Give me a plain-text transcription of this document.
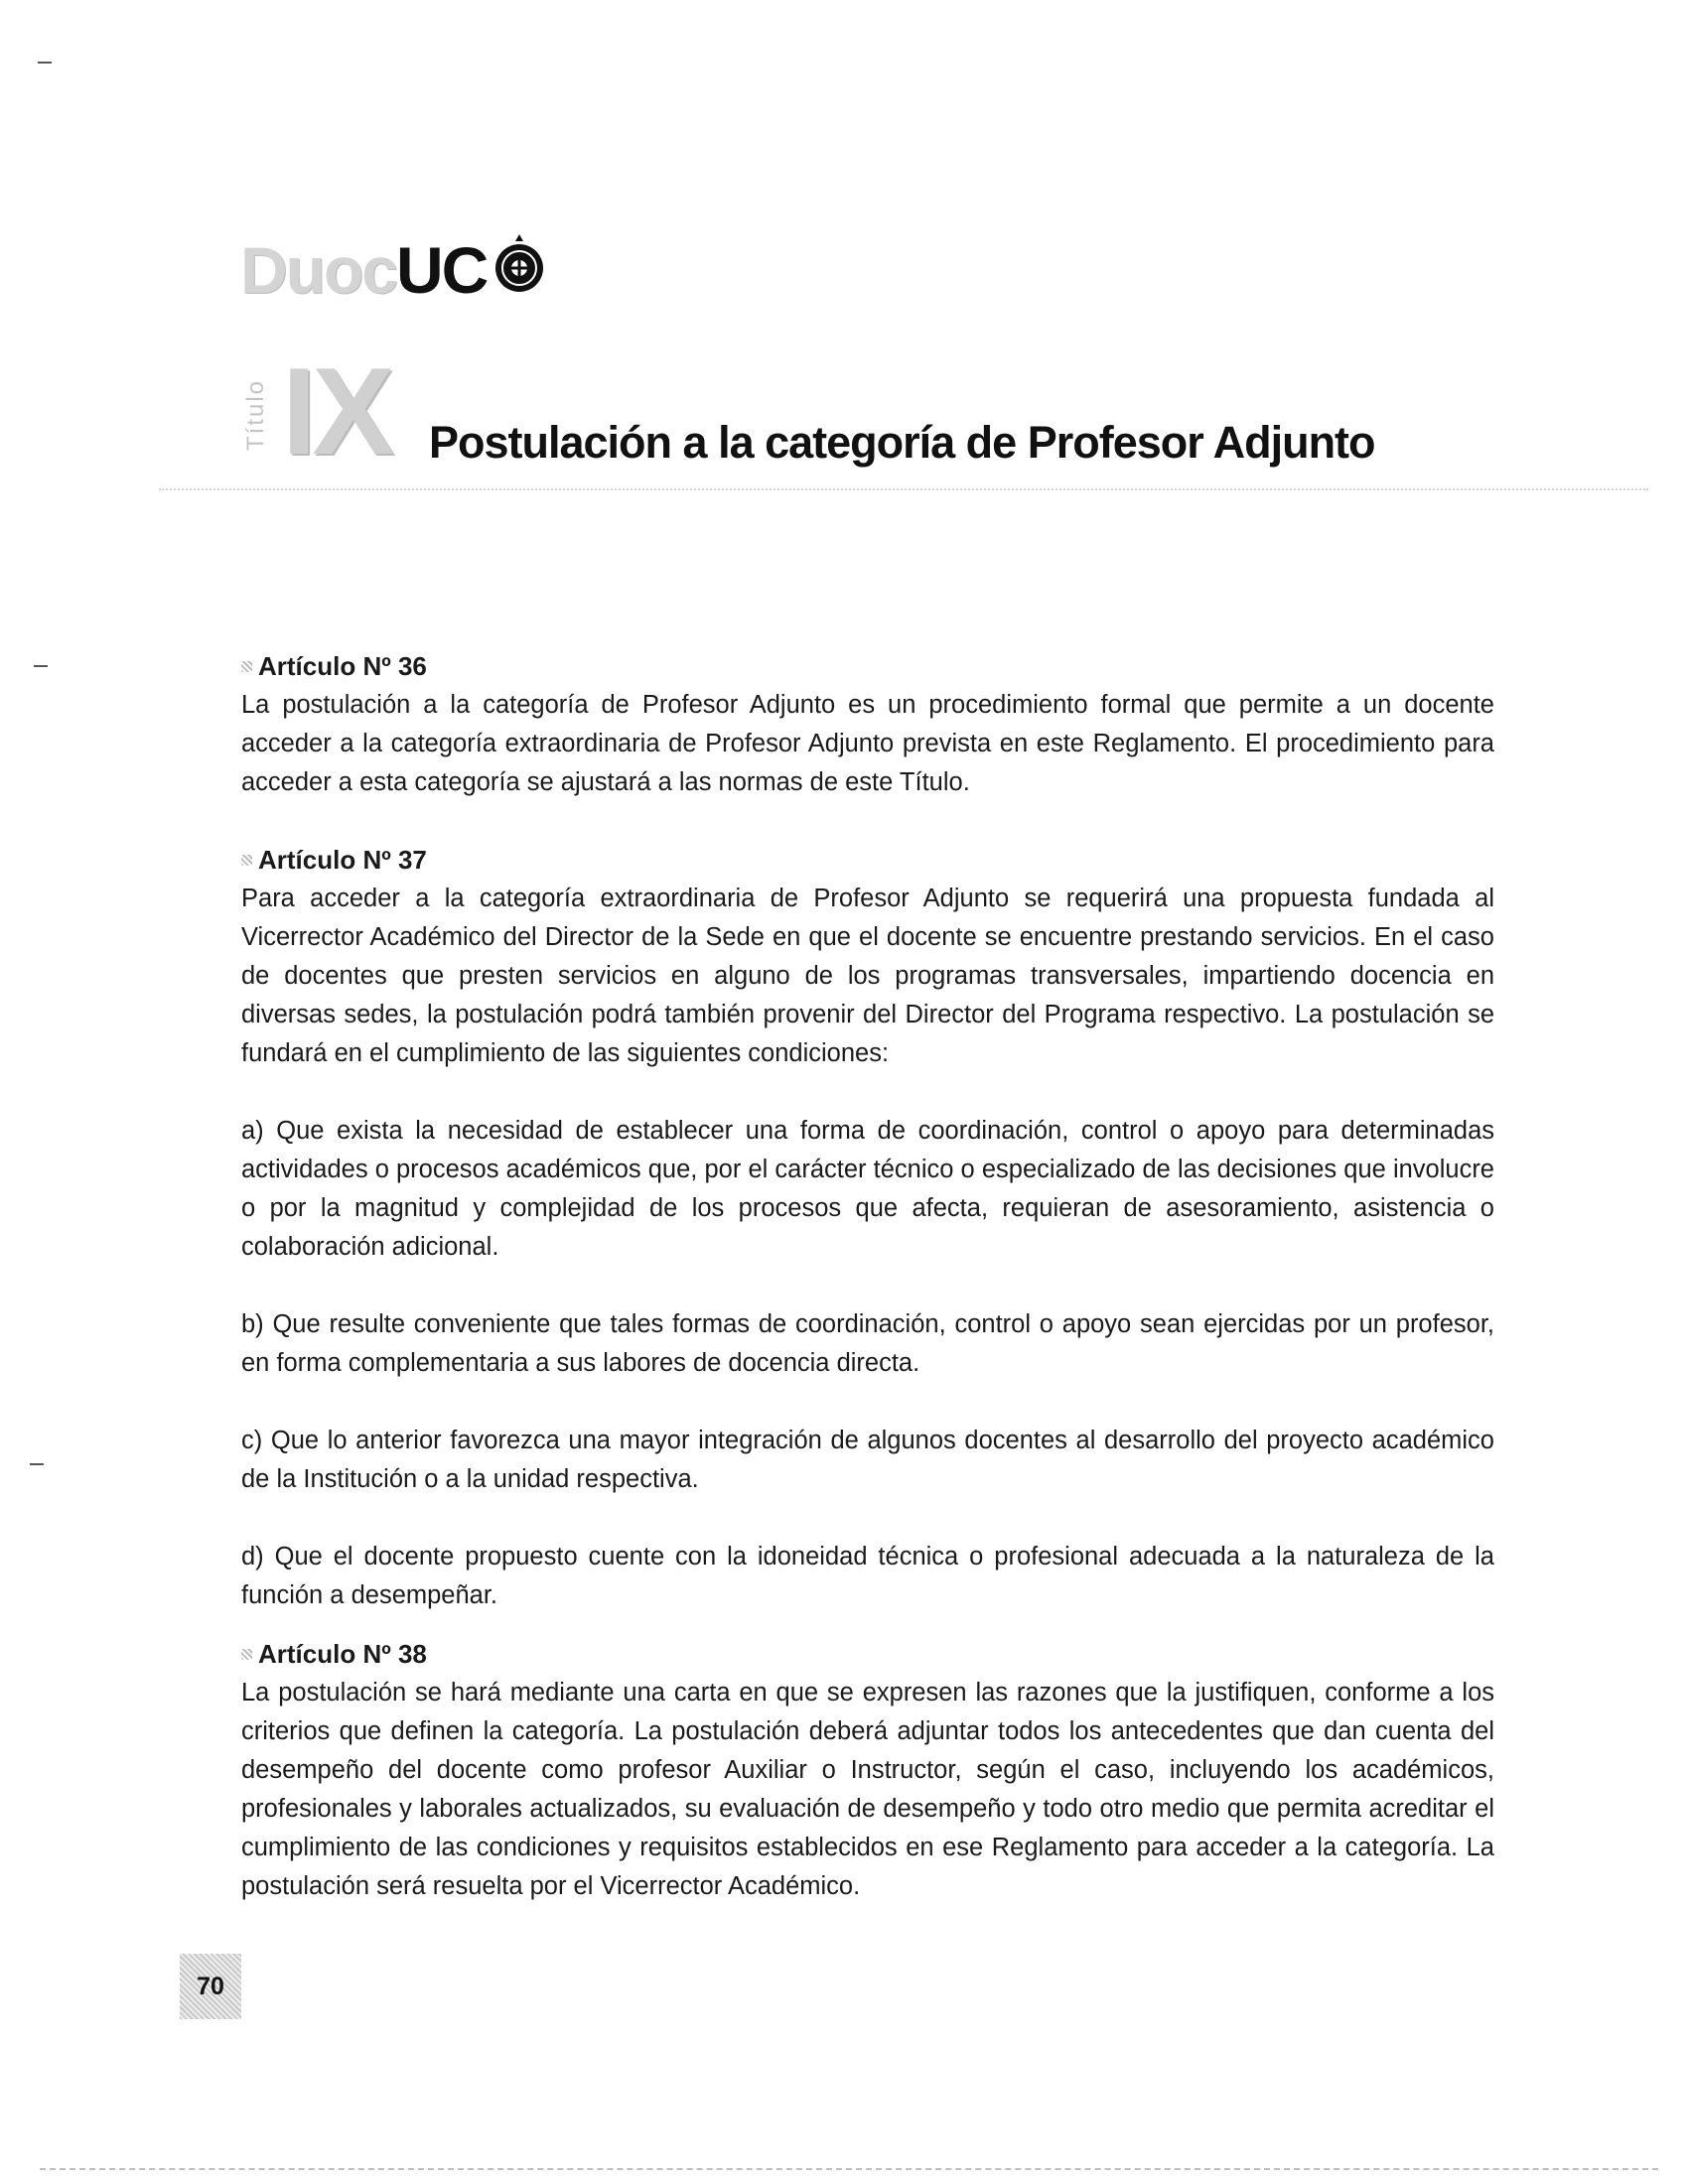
Duoc UC
Título IX Postulación a la categoría de Profesor Adjunto

Artículo Nº 36

La postulación a la categoría de Profesor Adjunto es un procedimiento formal que permite a un docente acceder a la categoría extraordinaria de Profesor Adjunto prevista en este Reglamento. El procedimiento para acceder a esta categoría se ajustará a las normas de este Título.

Artículo Nº 37

Para acceder a la categoría extraordinaria de Profesor Adjunto se requerirá una propuesta fundada al Vicerrector Académico del Director de la Sede en que el docente se encuentre prestando servicios. En el caso de docentes que presten servicios en alguno de los programas transversales, impartiendo docencia en diversas sedes, la postulación podrá también provenir del Director del Programa respectivo. La postulación se fundará en el cumplimiento de las siguientes condiciones:

a) Que exista la necesidad de establecer una forma de coordinación, control o apoyo para determinadas actividades o procesos académicos que, por el carácter técnico o especializado de las decisiones que involucre o por la magnitud y complejidad de los procesos que afecta, requieran de asesoramiento, asistencia o colaboración adicional.

b) Que resulte conveniente que tales formas de coordinación, control o apoyo sean ejercidas por un profesor, en forma complementaria a sus labores de docencia directa.

c) Que lo anterior favorezca una mayor integración de algunos docentes al desarrollo del proyecto académico de la Institución o a la unidad respectiva.

d) Que el docente propuesto cuente con la idoneidad técnica o profesional adecuada a la naturaleza de la función a desempeñar.

Artículo Nº 38

La postulación se hará mediante una carta en que se expresen las razones que la justifiquen, conforme a los criterios que definen la categoría. La postulación deberá adjuntar todos los antecedentes que dan cuenta del desempeño del docente como profesor Auxiliar o Instructor, según el caso, incluyendo los académicos, profesionales y laborales actualizados, su evaluación de desempeño y todo otro medio que permita acreditar el cumplimiento de las condiciones y requisitos establecidos en ese Reglamento para acceder a la categoría. La postulación será resuelta por el Vicerrector Académico.

70
